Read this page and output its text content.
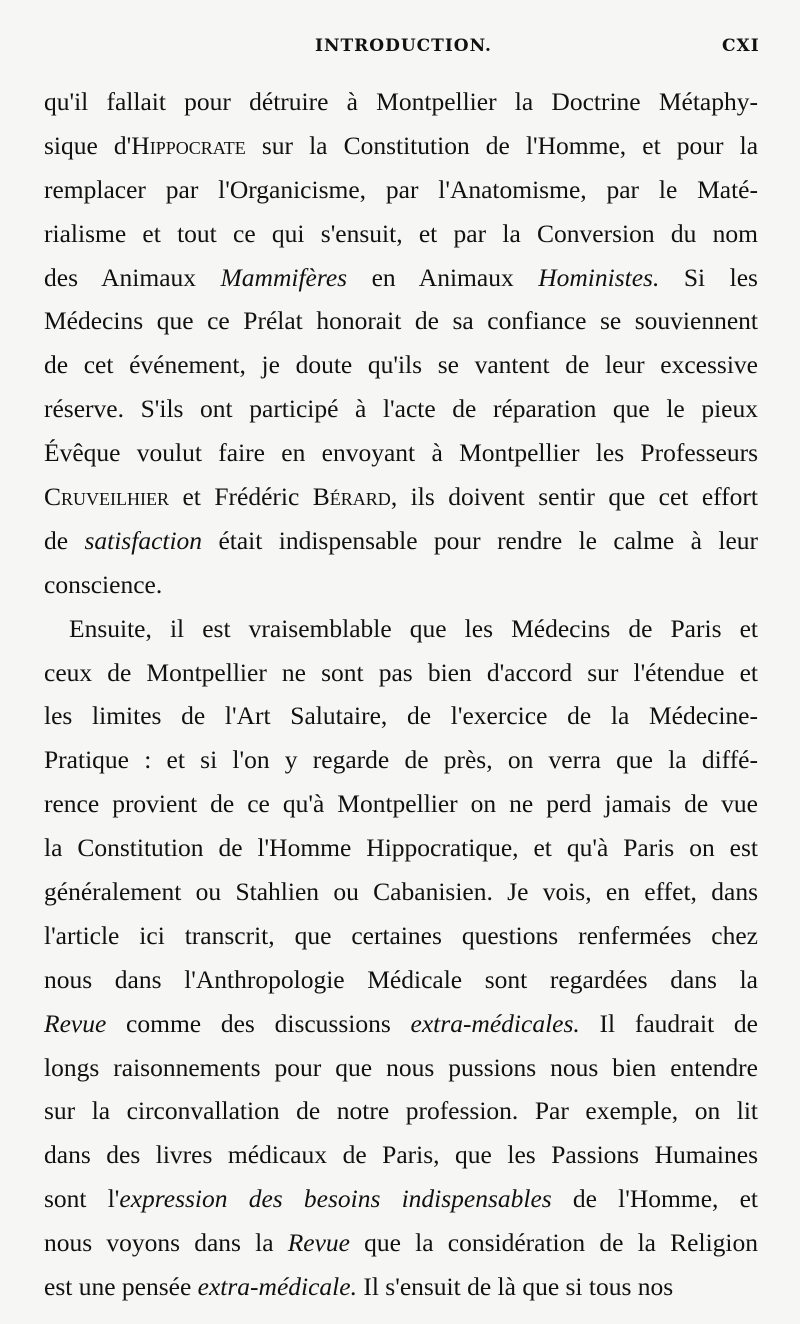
INTRODUCTION.	CXI
qu'il fallait pour détruire à Montpellier la Doctrine Métaphy-
sique d'Hippocrate sur la Constitution de l'Homme, et pour la
remplacer par l'Organicisme, par l'Anatomisme, par le Maté-
rialisme et tout ce qui s'ensuit, et par la Conversion du nom
des Animaux Mammifères en Animaux Hoministes. Si les
Médecins que ce Prélat honorait de sa confiance se souviennent
de cet événement, je doute qu'ils se vantent de leur excessive
réserve. S'ils ont participé à l'acte de réparation que le pieux
Évêque voulut faire en envoyant à Montpellier les Professeurs
Cruveilhier et Frédéric Bérard, ils doivent sentir que cet effort
de satisfaction était indispensable pour rendre le calme à leur
conscience.
Ensuite, il est vraisemblable que les Médecins de Paris et
ceux de Montpellier ne sont pas bien d'accord sur l'étendue et
les limites de l'Art Salutaire, de l'exercice de la Médecine-
Pratique : et si l'on y regarde de près, on verra que la diffé-
rence provient de ce qu'à Montpellier on ne perd jamais de vue
la Constitution de l'Homme Hippocratique, et qu'à Paris on est
généralement ou Stahlien ou Cabanisien. Je vois, en effet, dans
l'article ici transcrit, que certaines questions renfermées chez
nous dans l'Anthropologie Médicale sont regardées dans la
Revue comme des discussions extra-médicales. Il faudrait de
longs raisonnements pour que nous pussions nous bien entendre
sur la circonvallation de notre profession. Par exemple, on lit
dans des livres médicaux de Paris, que les Passions Humaines
sont l'expression des besoins indispensables de l'Homme, et
nous voyons dans la Revue que la considération de la Religion
est une pensée extra-médicale. Il s'ensuit de là que si tous nos
